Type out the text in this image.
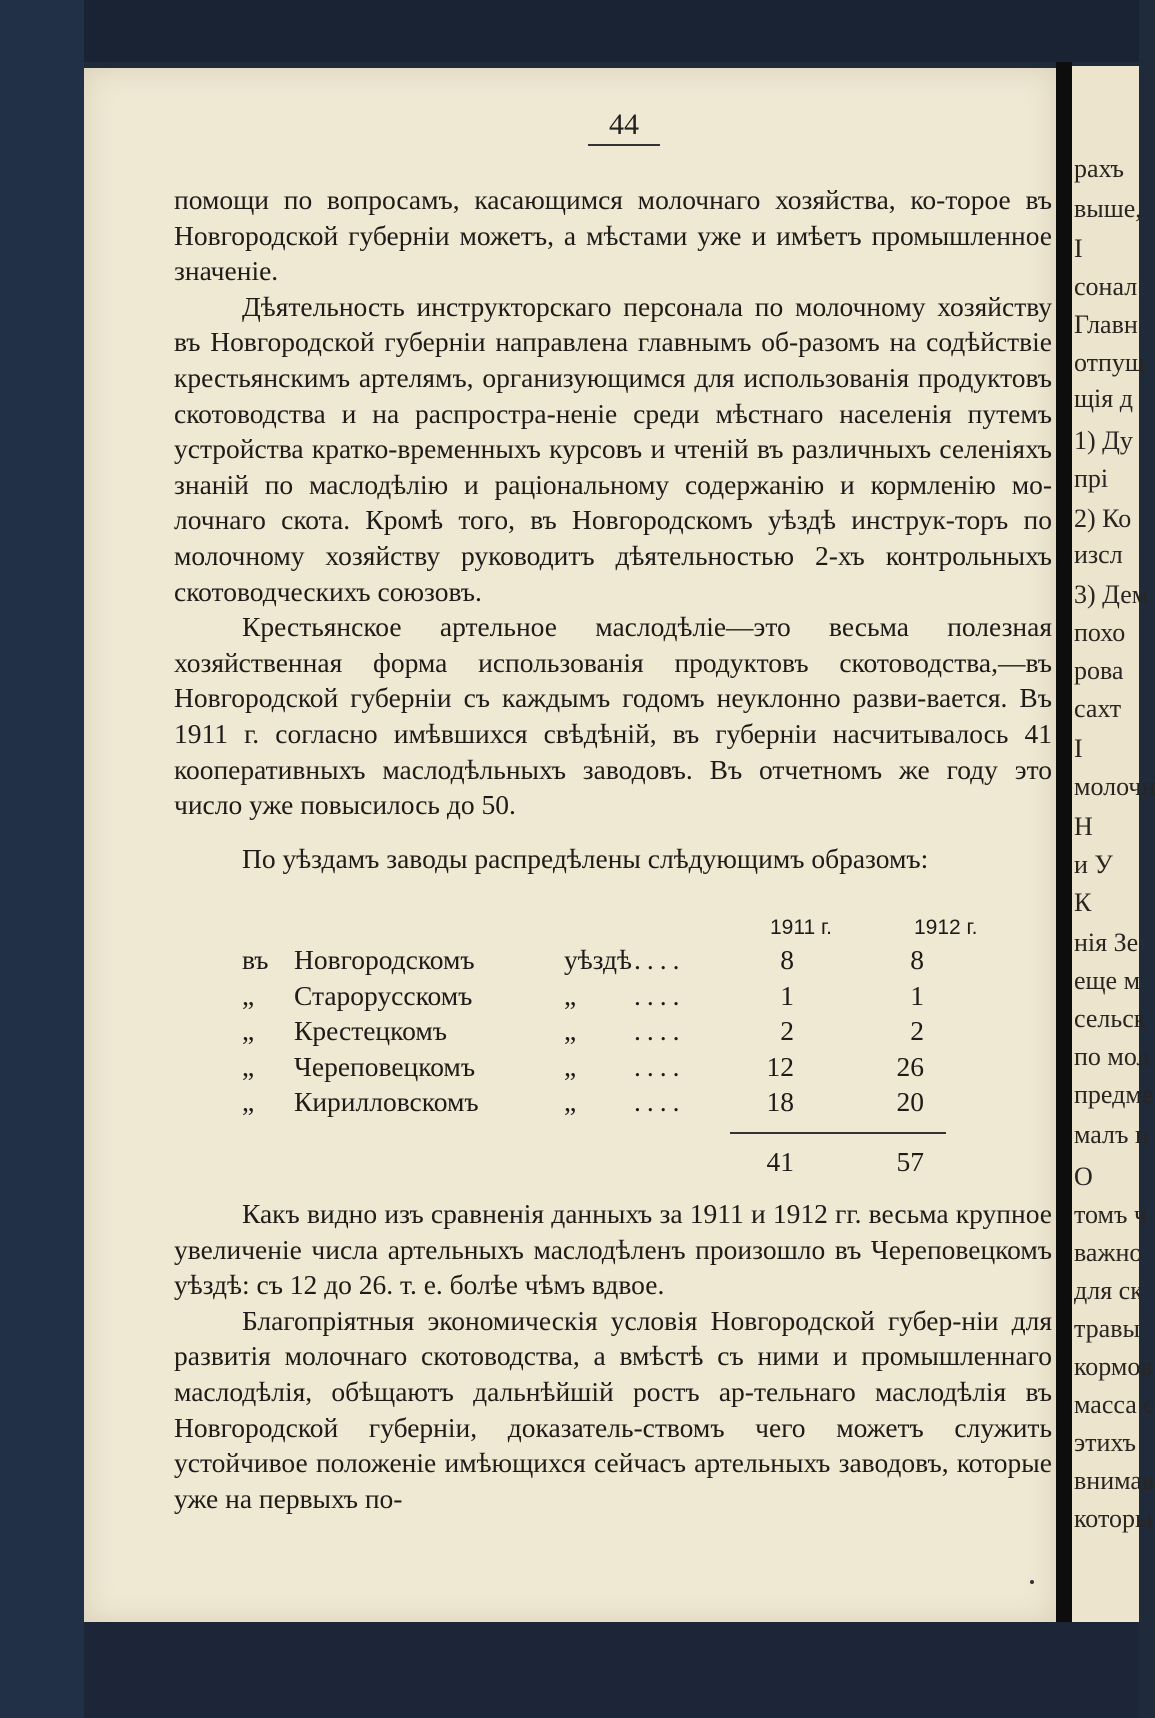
рахъ
выше,
І
сонал
Главн
отпущ
щія д
1) Ду
прі
2) Ко
изсл
3) Дем
похо
рова
сахт
І
молочн
Н
и У
К
нія Зе
еще м
сельск
по мол
предме
малъ п
О
томъ ч
важно
для ск
травы
кормов
масса с
этихъ
внимав
которы
44

помощи по вопросамъ, касающимся молочнаго хозяйства, ко-торое въ Новгородской губерніи можетъ, а мѣстами уже и имѣетъ промышленное значеніе.

Дѣятельность инструкторскаго персонала по молочному хозяйству въ Новгородской губерніи направлена главнымъ об-разомъ на содѣйствіе крестьянскимъ артелямъ, организующимся для использованія продуктовъ скотоводства и на распростра-неніе среди мѣстнаго населенія путемъ устройства кратко-временныхъ курсовъ и чтеній въ различныхъ селеніяхъ знаній по маслодѣлію и раціональному содержанію и кормленію мо-лочнаго скота. Кромѣ того, въ Новгородскомъ уѣздѣ инструк-торъ по молочному хозяйству руководитъ дѣятельностью 2-хъ контрольныхъ скотоводческихъ союзовъ.

Крестьянское артельное маслодѣліе—это весьма полезная хозяйственная форма использованія продуктовъ скотоводства,—въ Новгородской губерніи съ каждымъ годомъ неуклонно разви-вается. Въ 1911 г. согласно имѣвшихся свѣдѣній, въ губерніи насчитывалось 41 кооперативныхъ маслодѣльныхъ заводовъ. Въ отчетномъ же году это число уже повысилось до 50.

По уѣздамъ заводы распредѣлены слѣдующимъ образомъ:

1911 г.	1912 г.
въ Новгородскомъ	уѣздѣ ....	8	8
„ Старорусскомъ	„ ....	1	1
„ Крестецкомъ	„ ....	2	2
„ Череповецкомъ	„ ....	12	26
„ Кирилловскомъ	„ ....	18	20
41	57

Какъ видно изъ сравненія данныхъ за 1911 и 1912 гг. весьма крупное увеличеніе числа артельныхъ маслодѣленъ произошло въ Череповецкомъ уѣздѣ: съ 12 до 26. т. е. болѣе чѣмъ вдвое.

Благопріятныя экономическія условія Новгородской губер-ніи для развитія молочнаго скотоводства, а вмѣстѣ съ ними и промышленнаго маслодѣлія, обѣщаютъ дальнѣйшій ростъ ар-тельнаго маслодѣлія въ Новгородской губерніи, доказатель-ствомъ чего можетъ служить устойчивое положеніе имѣющихся сейчасъ артельныхъ заводовъ, которые уже на первыхъ по-
